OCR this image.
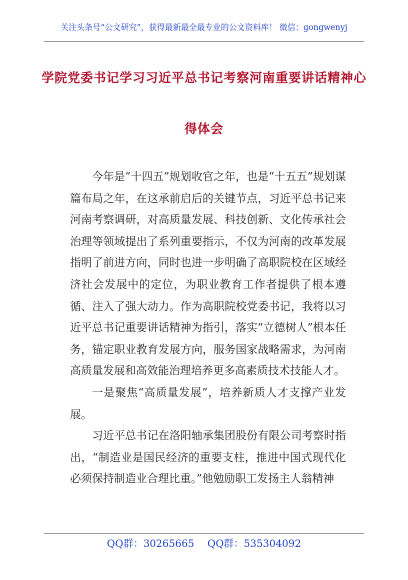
关注头条号“公文研究”，获得最新最全最专业的公文资料库！ 微信：gongwenyj
学院党委书记学习习近平总书记考察河南重要讲话精神心
得体会

今年是“十四五”规划收官之年，也是“十五五”规划谋篇布局之年，在这承前启后的关键节点，习近平总书记来河南考察调研，对高质量发展、科技创新、文化传承社会治理等领域提出了系列重要指示，不仅为河南的改革发展指明了前进方向，同时也进一步明确了高职院校在区域经济社会发展中的定位，为职业教育工作者提供了根本遵循、注入了强大动力。作为高职院校党委书记，我将以习近平总书记重要讲话精神为指引，落实“立德树人”根本任务，锚定职业教育发展方向，服务国家战略需求，为河南高质量发展和高效能治理培养更多高素质技术技能人才。

一是聚焦“高质量发展”，培养新质人才支撑产业发展。

习近平总书记在洛阳轴承集团股份有限公司考察时指出，“制造业是国民经济的重要支柱，推进中国式现代化必须保持制造业合理比重。”他勉励职工发扬主人翁精神

QQ群：30265665 QQ群：535304092
